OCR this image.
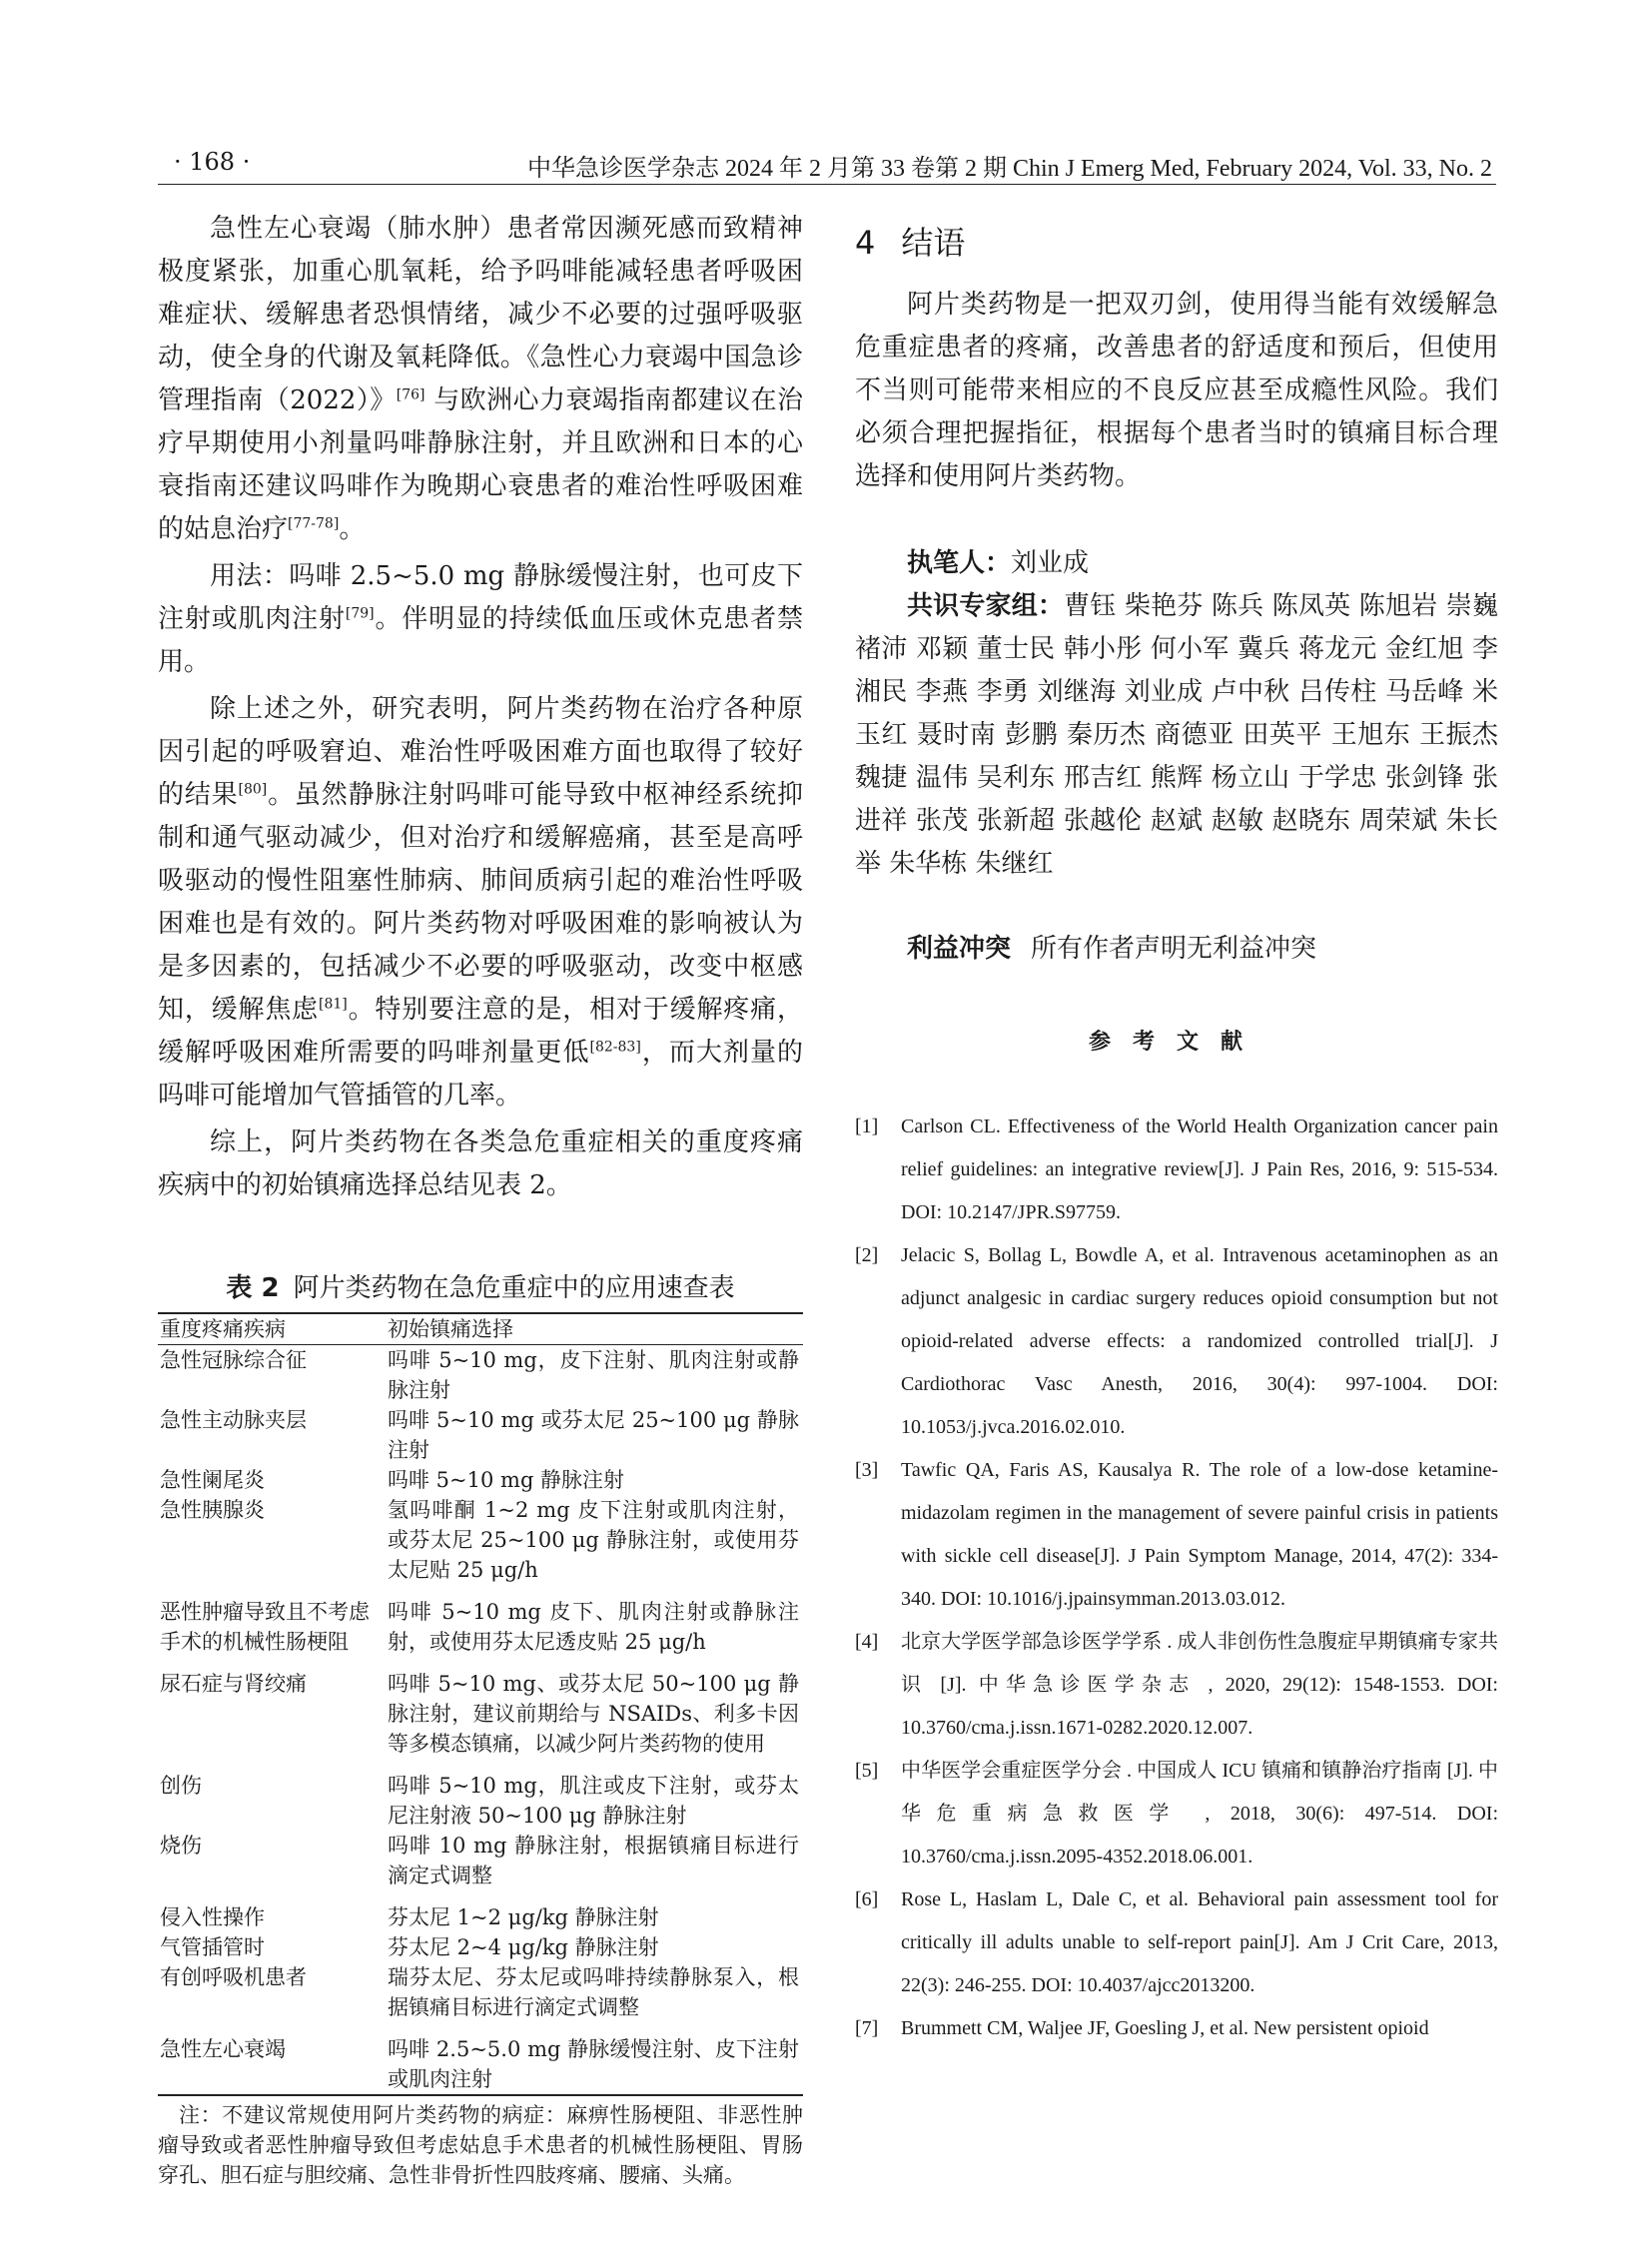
· 168 ·	中华急诊医学杂志 2024 年 2 月第 33 卷第 2 期 Chin J Emerg Med, February 2024, Vol. 33, No. 2

急性左心衰竭（肺水肿）患者常因濒死感而致精神极度紧张，加重心肌氧耗，给予吗啡能减轻患者呼吸困难症状、缓解患者恐惧情绪，减少不必要的过强呼吸驱动，使全身的代谢及氧耗降低。《急性心力衰竭中国急诊管理指南（2022）》[76] 与欧洲心力衰竭指南都建议在治疗早期使用小剂量吗啡静脉注射，并且欧洲和日本的心衰指南还建议吗啡作为晚期心衰患者的难治性呼吸困难的姑息治疗[77-78]。

用法：吗啡 2.5~5.0 mg 静脉缓慢注射，也可皮下注射或肌肉注射[79]。伴明显的持续低血压或休克患者禁用。

除上述之外，研究表明，阿片类药物在治疗各种原因引起的呼吸窘迫、难治性呼吸困难方面也取得了较好的结果[80]。虽然静脉注射吗啡可能导致中枢神经系统抑制和通气驱动减少，但对治疗和缓解癌痛，甚至是高呼吸驱动的慢性阻塞性肺病、肺间质病引起的难治性呼吸困难也是有效的。阿片类药物对呼吸困难的影响被认为是多因素的，包括减少不必要的呼吸驱动，改变中枢感知，缓解焦虑[81]。特别要注意的是，相对于缓解疼痛，缓解呼吸困难所需要的吗啡剂量更低[82-83]，而大剂量的吗啡可能增加气管插管的几率。

综上，阿片类药物在各类急危重症相关的重度疼痛疾病中的初始镇痛选择总结见表 2。

表 2 阿片类药物在急危重症中的应用速查表
重度疼痛疾病	初始镇痛选择
急性冠脉综合征	吗啡 5~10 mg，皮下注射、肌肉注射或静脉注射
急性主动脉夹层	吗啡 5~10 mg 或芬太尼 25~100 μg 静脉注射
急性阑尾炎	吗啡 5~10 mg 静脉注射
急性胰腺炎	氢吗啡酮 1~2 mg 皮下注射或肌肉注射，或芬太尼 25~100 μg 静脉注射，或使用芬太尼贴 25 μg/h
恶性肿瘤导致且不考虑手术的机械性肠梗阻	吗啡 5~10 mg 皮下、肌肉注射或静脉注射，或使用芬太尼透皮贴 25 μg/h
尿石症与肾绞痛	吗啡 5~10 mg、或芬太尼 50~100 μg 静脉注射，建议前期给与 NSAIDs、利多卡因等多模态镇痛，以减少阿片类药物的使用
创伤	吗啡 5~10 mg，肌注或皮下注射，或芬太尼注射液 50~100 μg 静脉注射
烧伤	吗啡 10 mg 静脉注射，根据镇痛目标进行滴定式调整
侵入性操作	芬太尼 1~2 μg/kg 静脉注射
气管插管时	芬太尼 2~4 μg/kg 静脉注射
有创呼吸机患者	瑞芬太尼、芬太尼或吗啡持续静脉泵入，根据镇痛目标进行滴定式调整
急性左心衰竭	吗啡 2.5~5.0 mg 静脉缓慢注射、皮下注射或肌肉注射
注：不建议常规使用阿片类药物的病症：麻痹性肠梗阻、非恶性肿瘤导致或者恶性肿瘤导致但考虑姑息手术患者的机械性肠梗阻、胃肠穿孔、胆石症与胆绞痛、急性非骨折性四肢疼痛、腰痛、头痛。
4 结语

阿片类药物是一把双刃剑，使用得当能有效缓解急危重症患者的疼痛，改善患者的舒适度和预后，但使用不当则可能带来相应的不良反应甚至成瘾性风险。我们必须合理把握指征，根据每个患者当时的镇痛目标合理选择和使用阿片类药物。

执笔人：刘业成
共识专家组：曹钰 柴艳芬 陈兵 陈凤英 陈旭岩 崇巍 褚沛 邓颖 董士民 韩小彤 何小军 冀兵 蒋龙元 金红旭 李湘民 李燕 李勇 刘继海 刘业成 卢中秋 吕传柱 马岳峰 米玉红 聂时南 彭鹏 秦历杰 商德亚 田英平 王旭东 王振杰 魏捷 温伟 吴利东 邢吉红 熊辉 杨立山 于学忠 张剑锋 张进祥 张茂 张新超 张越伦 赵斌 赵敏 赵晓东 周荣斌 朱长举 朱华栋 朱继红
利益冲突 所有作者声明无利益冲突
参考文献
[1]	Carlson CL. Effectiveness of the World Health Organization cancer pain relief guidelines: an integrative review[J]. J Pain Res, 2016, 9: 515-534. DOI: 10.2147/JPR.S97759.
[2]	Jelacic S, Bollag L, Bowdle A, et al. Intravenous acetaminophen as an adjunct analgesic in cardiac surgery reduces opioid consumption but not opioid-related adverse effects: a randomized controlled trial[J]. J Cardiothorac Vasc Anesth, 2016, 30(4): 997-1004. DOI: 10.1053/j.jvca.2016.02.010.
[3]	Tawfic QA, Faris AS, Kausalya R. The role of a low-dose ketamine-midazolam regimen in the management of severe painful crisis in patients with sickle cell disease[J]. J Pain Symptom Manage, 2014, 47(2): 334-340. DOI: 10.1016/j.jpainsymman.2013.03.012.
[4]	北京大学医学部急诊医学学系 . 成人非创伤性急腹症早期镇痛专家共识 [J]. 中华急诊医学杂志 , 2020, 29(12): 1548-1553. DOI: 10.3760/cma.j.issn.1671-0282.2020.12.007.
[5]	中华医学会重症医学分会 . 中国成人 ICU 镇痛和镇静治疗指南 [J]. 中华危重病急救医学 , 2018, 30(6): 497-514. DOI: 10.3760/cma.j.issn.2095-4352.2018.06.001.
[6]	Rose L, Haslam L, Dale C, et al. Behavioral pain assessment tool for critically ill adults unable to self-report pain[J]. Am J Crit Care, 2013, 22(3): 246-255. DOI: 10.4037/ajcc2013200.
[7]	Brummett CM, Waljee JF, Goesling J, et al. New persistent opioid
